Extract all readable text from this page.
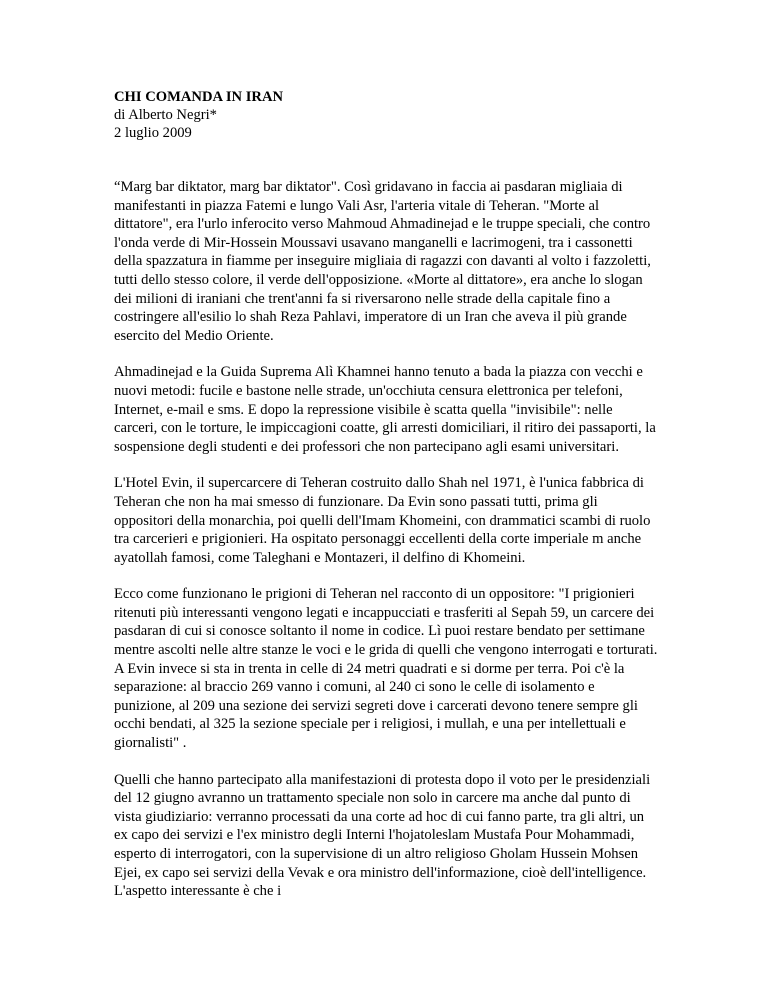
CHI COMANDA IN IRAN

di Alberto Negri*

2 luglio 2009

“Marg bar diktator, marg bar diktator". Così gridavano in faccia ai pasdaran migliaia di manifestanti in piazza Fatemi e lungo Vali Asr, l'arteria vitale di Teheran. "Morte al dittatore", era l'urlo inferocito verso Mahmoud Ahmadinejad e le truppe speciali, che contro l'onda verde di Mir-Hossein Moussavi usavano manganelli e lacrimogeni, tra i cassonetti della spazzatura in fiamme per inseguire migliaia di ragazzi con davanti al volto i fazzoletti, tutti dello stesso colore, il verde dell'opposizione. «Morte al dittatore», era anche lo slogan dei milioni di iraniani che trent'anni fa si riversarono nelle strade della capitale fino a costringere all'esilio lo shah Reza Pahlavi, imperatore di un Iran che aveva il più grande esercito del Medio Oriente.

Ahmadinejad e la Guida Suprema Alì Khamnei hanno tenuto a bada la piazza con vecchi e nuovi metodi: fucile e bastone nelle strade, un'occhiuta censura elettronica per telefoni, Internet, e-mail e sms. E dopo la repressione visibile è scatta quella "invisibile": nelle carceri, con le torture, le impiccagioni coatte, gli arresti domiciliari, il ritiro dei passaporti, la sospensione degli studenti e dei professori che non partecipano agli esami universitari.

L'Hotel Evin, il supercarcere di Teheran costruito dallo Shah nel 1971, è l'unica fabbrica di Teheran che non ha mai smesso di funzionare. Da Evin sono passati tutti, prima gli oppositori della monarchia, poi quelli dell'Imam Khomeini, con drammatici scambi di ruolo tra carcerieri e prigionieri. Ha ospitato personaggi eccellenti della corte imperiale m anche ayatollah famosi, come Taleghani e Montazeri, il delfino di Khomeini.

Ecco come funzionano le prigioni di Teheran nel racconto di un oppositore: "I prigionieri ritenuti più interessanti vengono legati e incappucciati e trasferiti al Sepah 59, un carcere dei pasdaran di cui si conosce soltanto il nome in codice. Lì puoi restare bendato per settimane mentre ascolti nelle altre stanze le voci e le grida di quelli che vengono interrogati e torturati. A Evin invece si sta in trenta in celle di 24 metri quadrati e si dorme per terra. Poi c'è la separazione: al braccio 269 vanno i comuni, al 240 ci sono le celle di isolamento e punizione, al 209 una sezione dei servizi segreti dove i carcerati devono tenere sempre gli occhi bendati, al 325 la sezione speciale per i religiosi, i mullah, e una per intellettuali e giornalisti" .

Quelli che hanno partecipato alla manifestazioni di protesta dopo il voto per le presidenziali del 12 giugno avranno un trattamento speciale non solo in carcere ma anche dal punto di vista giudiziario: verranno processati da una corte ad hoc di cui fanno parte, tra gli altri, un ex capo dei servizi e l'ex ministro degli Interni l'hojatoleslam Mustafa Pour Mohammadi, esperto di interrogatori, con la supervisione di un altro religioso Gholam Hussein Mohsen Ejei, ex capo sei servizi della Vevak e ora ministro dell'informazione, cioè dell'intelligence. L'aspetto interessante è che i
